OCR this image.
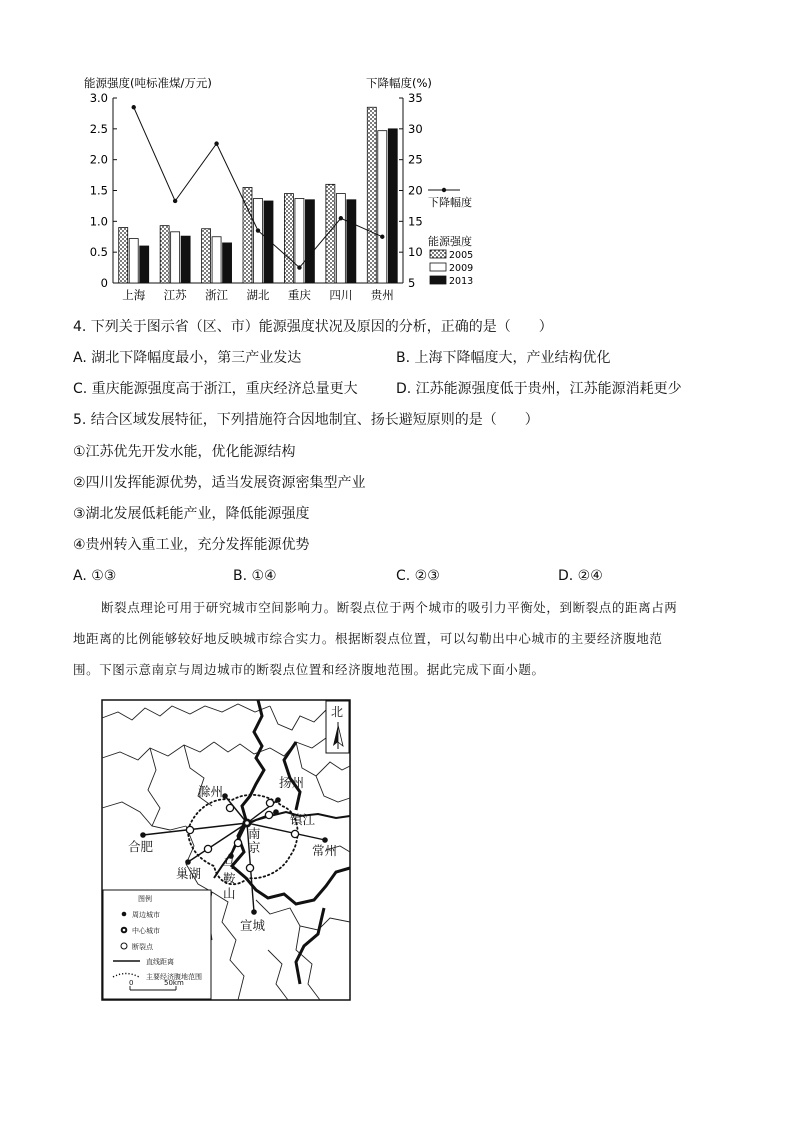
能源强度(吨标准煤/万元)	下降幅度(%)
0
0.5
1.0
1.5
2.0
2.5
3.0
5
10
15
20
25
30
35
上海 江苏 浙江 湖北 重庆 四川 贵州
下降幅度
能源强度
2005
2009
2013
4. 下列关于图示省（区、市）能源强度状况及原因的分析，正确的是（　　）
A. 湖北下降幅度最小，第三产业发达	B. 上海下降幅度大，产业结构优化
C. 重庆能源强度高于浙江，重庆经济总量更大	D. 江苏能源强度低于贵州，江苏能源消耗更少
5. 结合区域发展特征，下列措施符合因地制宜、扬长避短原则的是（　　）
①江苏优先开发水能，优化能源结构
②四川发挥能源优势，适当发展资源密集型产业
③湖北发展低耗能产业，降低能源强度
④贵州转入重工业，充分发挥能源优势
A. ①③	B. ①④	C. ②③	D. ②④
断裂点理论可用于研究城市空间影响力。断裂点位于两个城市的吸引力平衡处，到断裂点的距离占两
地距离的比例能够较好地反映城市综合实力。根据断裂点位置，可以勾勒出中心城市的主要经济腹地范
围。下图示意南京与周边城市的断裂点位置和经济腹地范围。据此完成下面小题。
滁州
扬州
镇江
合肥	常州
巢湖
马
鞍
山
宣城
南
京
北
图例
周边城市
中心城市
断裂点
直线距离
主要经济腹地范围
0	50km
